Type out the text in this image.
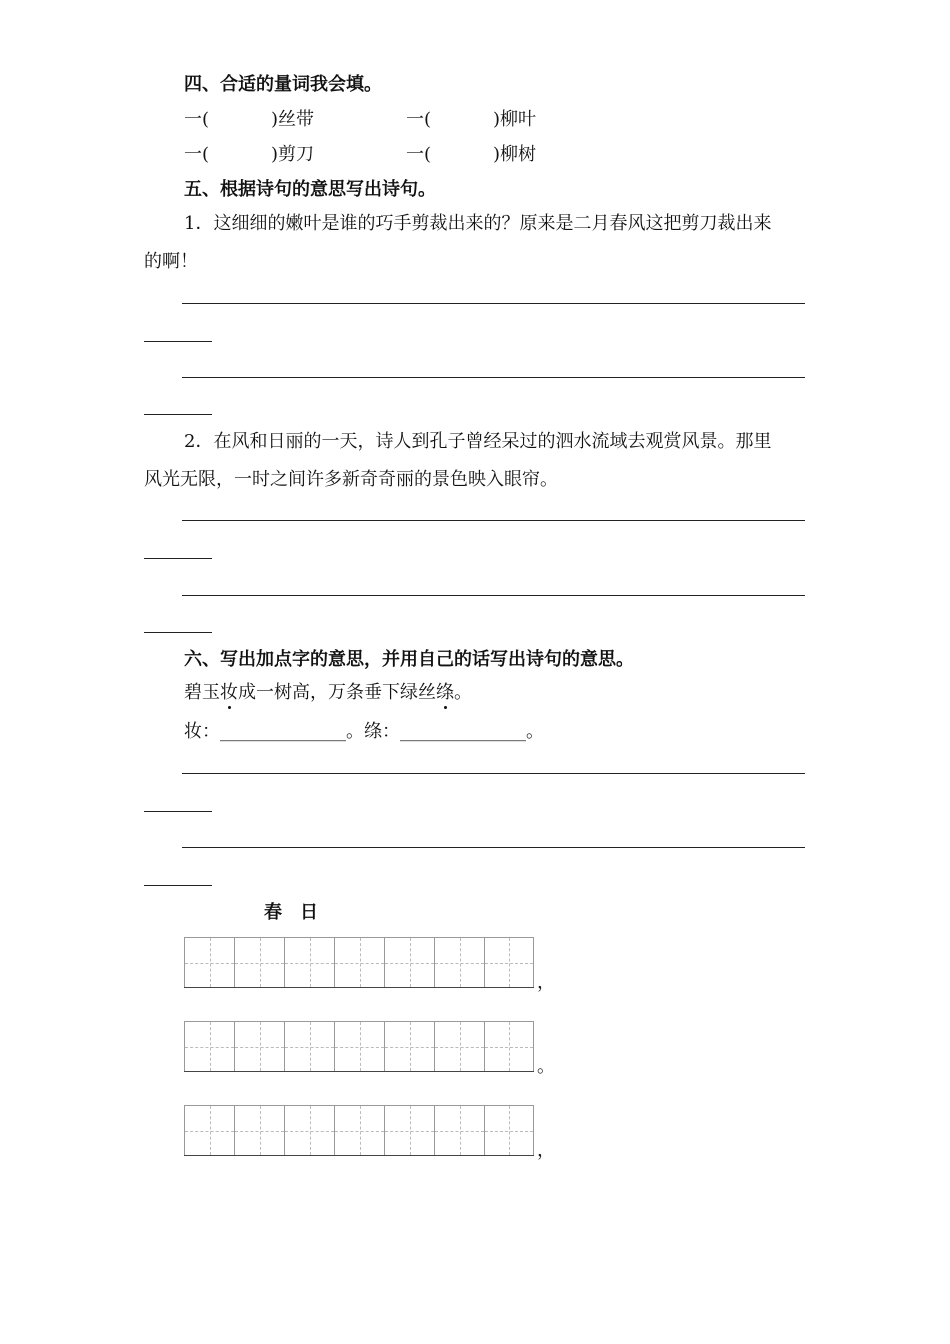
四、合适的量词我会填。
一(	)丝带	一(	)柳叶
一(	)剪刀	一(	)柳树
五、根据诗句的意思写出诗句。
1．这细细的嫩叶是谁的巧手剪裁出来的？原来是二月春风这把剪刀裁出来
的啊！
2．在风和日丽的一天，诗人到孔子曾经呆过的泗水流域去观赏风景。那里
风光无限，一时之间许多新奇奇丽的景色映入眼帘。
六、写出加点字的意思，并用自己的话写出诗句的意思。
碧玉妆成一树高，万条垂下绿丝绦。
妆：______________。绦：______________。
春　日
，
。
，
